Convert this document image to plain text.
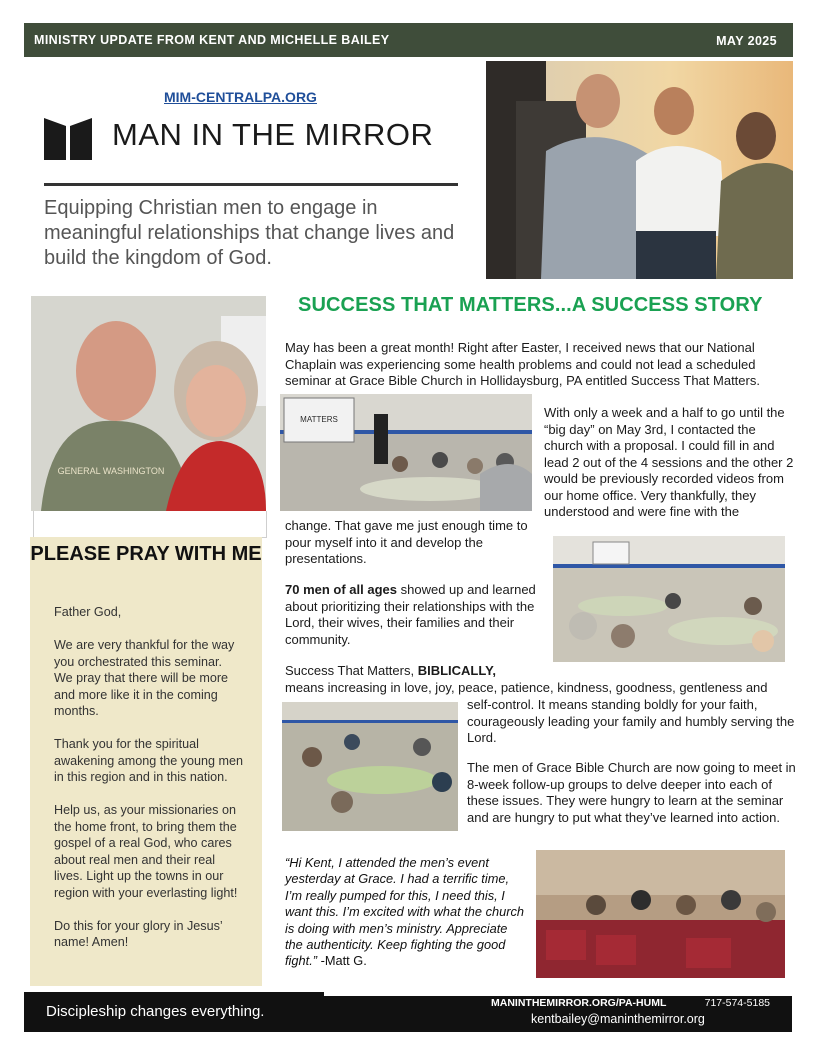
MINISTRY UPDATE FROM KENT AND MICHELLE BAILEY	MAY 2025
MIM-CENTRALPA.ORG
MAN IN THE MIRROR
Equipping Christian men to engage in meaningful relationships that change lives and build the kingdom of God.
GENERAL WASHINGTON
PLEASE PRAY WITH ME

Father God,

We are very thankful for the way you orchestrated this seminar. We pray that there will be more and more like it in the coming months.

Thank you for the spiritual awakening among the young men in this region and in this nation.

Help us, as your missionaries on the home front, to bring them the gospel of a real God, who cares about real men and their real lives. Light up the towns in our region with your everlasting light!

Do this for your glory in Jesus’ name! Amen!

SUCCESS THAT MATTERS...A SUCCESS STORY
May has been a great month! Right after Easter, I received news that our National Chaplain was experiencing some health problems and could not lead a scheduled seminar at Grace Bible Church in Hollidaysburg, PA entitled Success That Matters.
MATTERS	With only a week and a half to go until the “big day” on May 3rd, I contacted the church with a proposal. I could fill in and lead 2 out of the 4 sessions and the other 2 would be previously recorded videos from our home office. Very thankfully, they understood and were fine with the
change. That gave me just enough time to pour myself into it and develop the presentations.
70 men of all ages showed up and learned about prioritizing their relationships with the Lord, their wives, their families and their community.
Success That Matters, BIBLICALLY,
means increasing in love, joy, peace, patience, kindness, goodness, gentleness and
self-control. It means standing boldly for your faith, courageously leading your family and humbly serving the Lord.
The men of Grace Bible Church are now going to meet in 8-week follow-up groups to delve deeper into each of these issues. They were hungry to learn at the seminar and are hungry to put what they’ve learned into action.
“Hi Kent, I attended the men’s event yesterday at Grace. I had a terrific time, I’m really pumped for this, I need this, I want this. I’m excited with what the church is doing with men’s ministry. Appreciate the authenticity. Keep fighting the good fight.” -Matt G.
Discipleship changes everything.	MANINTHEMIRROR.ORG/PA-HUML	717-574-5185
kentbailey@maninthemirror.org
